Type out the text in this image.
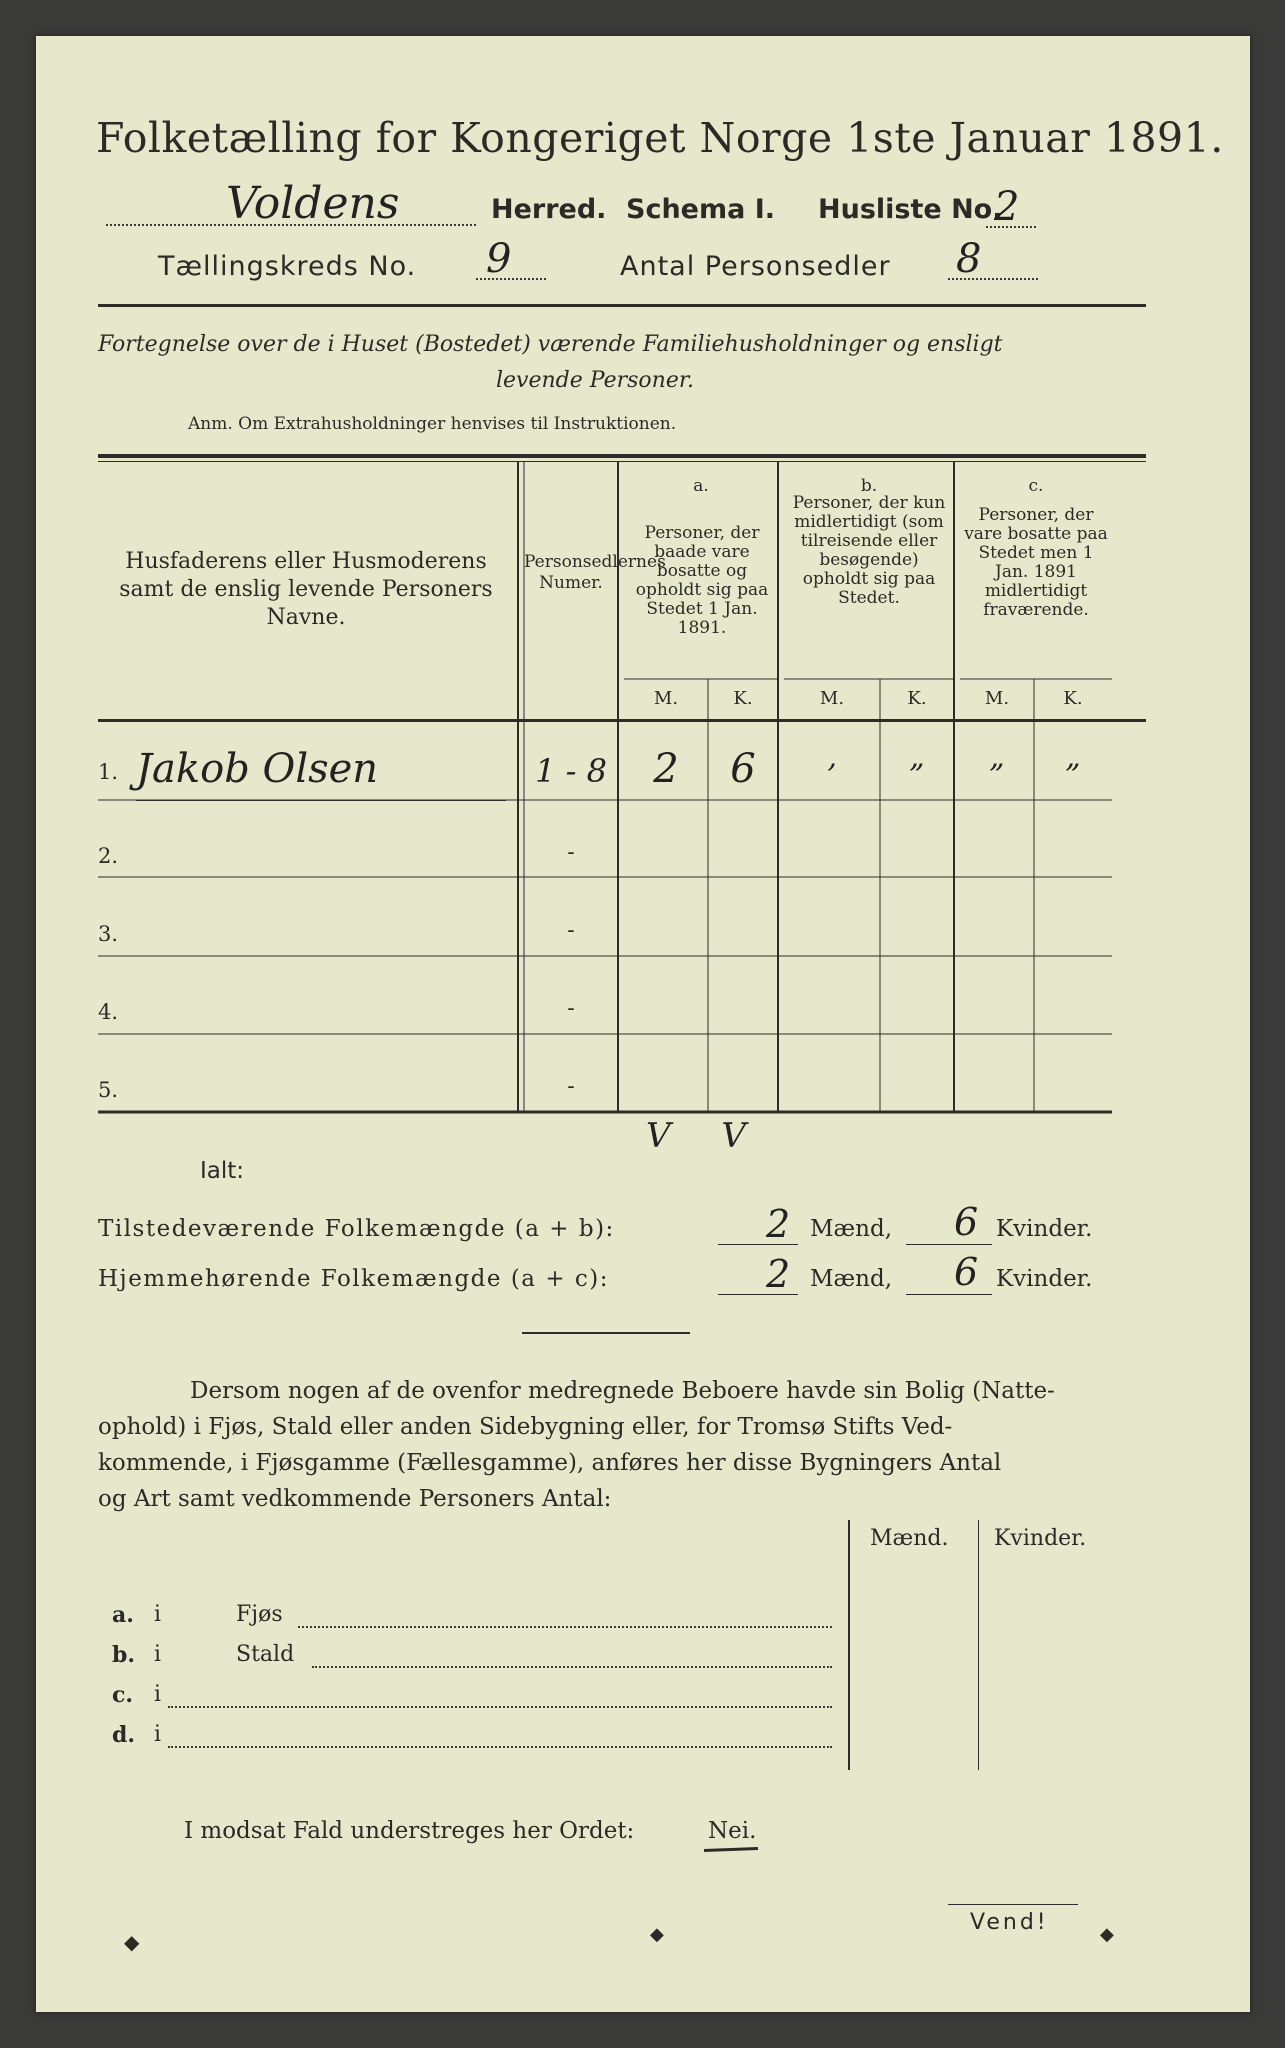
Folketælling for Kongeriget Norge 1ste Januar 1891.
Voldens	Herred. Schema I. Husliste No.
2
Tællingskreds No. 9	Antal Personsedler 8
Fortegnelse over de i Huset (Bostedet) værende Familiehusholdninger og ensligt
levende Personer.
Anm. Om Extrahusholdninger henvises til Instruktionen.
Husfaderens eller Husmoderens samt de enslig levende Personers Navne.
Personsedlernes Numer.
a.
Personer, der baade vare bosatte og opholdt sig paa Stedet 1 Jan. 1891.
b.
Personer, der kun midlertidigt (som tilreisende eller besøgende) opholdt sig paa Stedet.
c.
Personer, der vare bosatte paa Stedet men 1 Jan. 1891 midlertidigt fraværende.
M.	K.	M.	K.	M.	K.
1. Jakob Olsen	1 - 8	2	6	‚	„	„	„
2.	-
3.	-
4.	-
5.	-
V V
Ialt:
Tilstedeværende Folkemængde (a + b):	2 Mænd, 6 Kvinder.
Hjemmehørende Folkemængde (a + c):	2 Mænd, 6 Kvinder.
Dersom nogen af de ovenfor medregnede Beboere havde sin Bolig (Natte-
ophold) i Fjøs, Stald eller anden Sidebygning eller, for Tromsø Stifts Ved-
kommende, i Fjøsgamme (Fællesgamme), anføres her disse Bygningers Antal
og Art samt vedkommende Personers Antal:
Mænd. Kvinder.
a. i	Fjøs
b. i	Stald
c. i
d. i
I modsat Fald understreges her Ordet:	Nei.
Vend!
◆	◆	◆
